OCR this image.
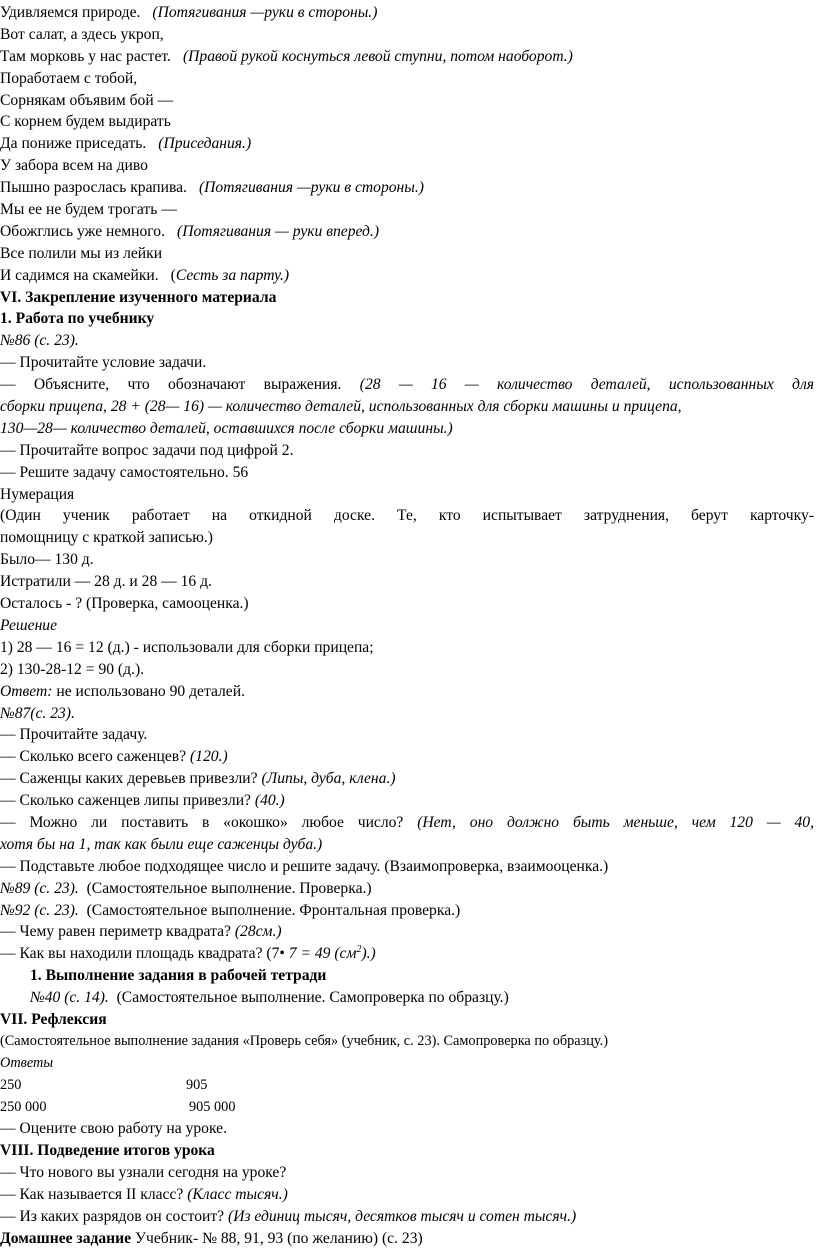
Удивляемся природе. (Потягивания —руки в стороны.)
Вот салат, а здесь укроп,
Там морковь у нас растет. (Правой рукой коснуться левой ступни, потом наоборот.)
Поработаем с тобой,
Сорнякам объявим бой —
С корнем будем выдирать
Да пониже приседать. (Приседания.)
У забора всем на диво
Пышно разрослась крапива. (Потягивания —руки в стороны.)
Мы ее не будем трогать —
Обожглись уже немного. (Потягивания — руки вперед.)
Все полили мы из лейки
И садимся на скамейки. (Сесть за парту.)
VI. Закрепление изученного материала
1. Работа по учебнику
№86 (с. 23).
— Прочитайте условие задачи.
— Объясните, что обозначают выражения. (28 — 16 — количество деталей, использованных для
сборки прицепа, 28 + (28— 16) — количество деталей, использованных для сборки машины и прицепа,
130—28— количество деталей, оставшихся после сборки машины.)
— Прочитайте вопрос задачи под цифрой 2.
— Решите задачу самостоятельно. 56
Нумерация
(Один ученик работает на откидной доске. Те, кто испытывает затруднения, берут карточку-
помощницу с краткой записью.)
Было— 130 д.
Истратили — 28 д. и 28 — 16 д.
Осталось - ? (Проверка, самооценка.)
Решение
1) 28 — 16 = 12 (д.) - использовали для сборки прицепа;
2) 130-28-12 = 90 (д.).
Ответ: не использовано 90 деталей.
№87(с. 23).
— Прочитайте задачу.
— Сколько всего саженцев? (120.)
— Саженцы каких деревьев привезли? (Липы, дуба, клена.)
— Сколько саженцев липы привезли? (40.)
— Можно ли поставить в «окошко» любое число? (Нет, оно должно быть меньше, чем 120 — 40,
хотя бы на 1, так как были еще саженцы дуба.)
— Подставьте любое подходящее число и решите задачу. (Взаимопроверка, взаимооценка.)
№89 (с. 23). (Самостоятельное выполнение. Проверка.)
№92 (с. 23). (Самостоятельное выполнение. Фронтальная проверка.)
— Чему равен периметр квадрата? (28см.)
— Как вы находили площадь квадрата? (7• 7 = 49 $(см^2)$.)
1. Выполнение задания в рабочей тетради
№40 (с. 14). (Самостоятельное выполнение. Самопроверка по образцу.)
VII. Рефлексия
(Самостоятельное выполнение задания «Проверь себя» (учебник, с. 23). Самопроверка по образцу.)
Ответы
250	905
250 000	905 000
— Оцените свою работу на уроке.
VIII. Подведение итогов урока
— Что нового вы узнали сегодня на уроке?
— Как называется II класс? (Класс тысяч.)
— Из каких разрядов он состоит? (Из единиц тысяч, десятков тысяч и сотен тысяч.)
Домашнее задание Учебник- № 88, 91, 93 (по желанию) (с. 23)
